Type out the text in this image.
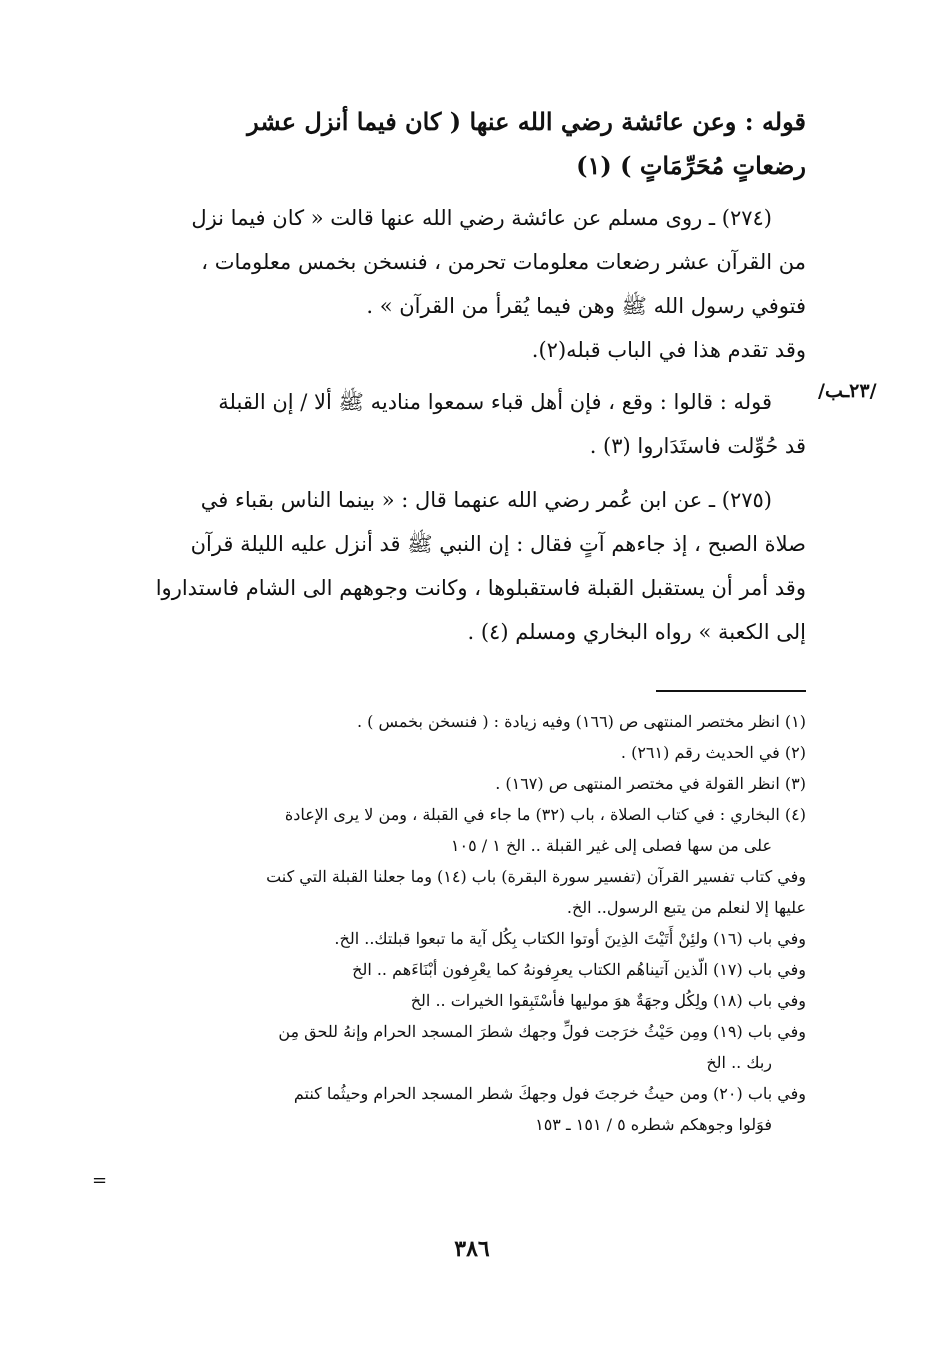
قوله : وعن عائشة رضي الله عنها ( كان فيما أنزل عشر
رضعاتٍ مُحَرِّمَاتٍ ) (١)
(٢٧٤) ـ روى مسلم عن عائشة رضي الله عنها قالت « كان فيما نزل
من القرآن عشر رضعات معلومات تحرمن ، فنسخن بخمس معلومات ،
فتوفي رسول الله ﷺ وهن فيما يُقرأ من القرآن » .
وقد تقدم هذا في الباب قبله(٢).
/٢٣ـب/
قوله : قالوا : وقع ، فإن أهل قباء سمعوا مناديه ﷺ ألا / إن القبلة
قد حُوِّلت فاستَدَاروا (٣) .
(٢٧٥) ـ عن ابن عُمر رضي الله عنهما قال : « بينما الناس بقباء في
صلاة الصبح ، إذ جاءهم آتٍ فقال : إن النبي ﷺ قد أنزل عليه الليلة قرآن
وقد أمر أن يستقبل القبلة فاستقبلوها ، وكانت وجوههم الى الشام فاستداروا
إلى الكعبة » رواه البخاري ومسلم (٤) .
(١) انظر مختصر المنتهى ص (١٦٦) وفيه زيادة : ( فنسخن بخمس ) .
(٢) في الحديث رقم (٢٦١) .
(٣) انظر القولة في مختصر المنتهى ص (١٦٧) .
(٤) البخاري : في كتاب الصلاة ، باب (٣٢) ما جاء في القبلة ، ومن لا يرى الإعادة
على من سها فصلى إلى غير القبلة .. الخ ١ / ١٠٥
وفي كتاب تفسير القرآن (تفسير سورة البقرة) باب (١٤) وما جعلنا القبلة التي كنت
عليها إلا لنعلم من يتبع الرسول.. الخ.
وفي باب (١٦) ولئِنْ أَتَيْتَ الذِينَ أوتوا الكتاب بِكُل آية ما تبعوا قبلتك.. الخ.
وفي باب (١٧) الّذين آتيناهُم الكتاب يعرِفونهُ كما يعْرِفون أبْنَاءَهم .. الخ
وفي باب (١٨) ولِكُل وجهَةٌ هوَ موليها فأسْتَبِقوا الخيرات .. الخ
وفي باب (١٩) ومِن حَيْثُ خرَجت فولِّ وجهك شطرَ المسجد الحرام وإنهُ للحق مِن
ربك .. الخ
وفي باب (٢٠) ومن حيثُ خرجتَ فول وجهكَ شطر المسجد الحرام وحيثُما كنتم
فوَلوا وجوهكم شطره ٥ / ١٥١ ـ ١٥٣
=
٣٨٦
